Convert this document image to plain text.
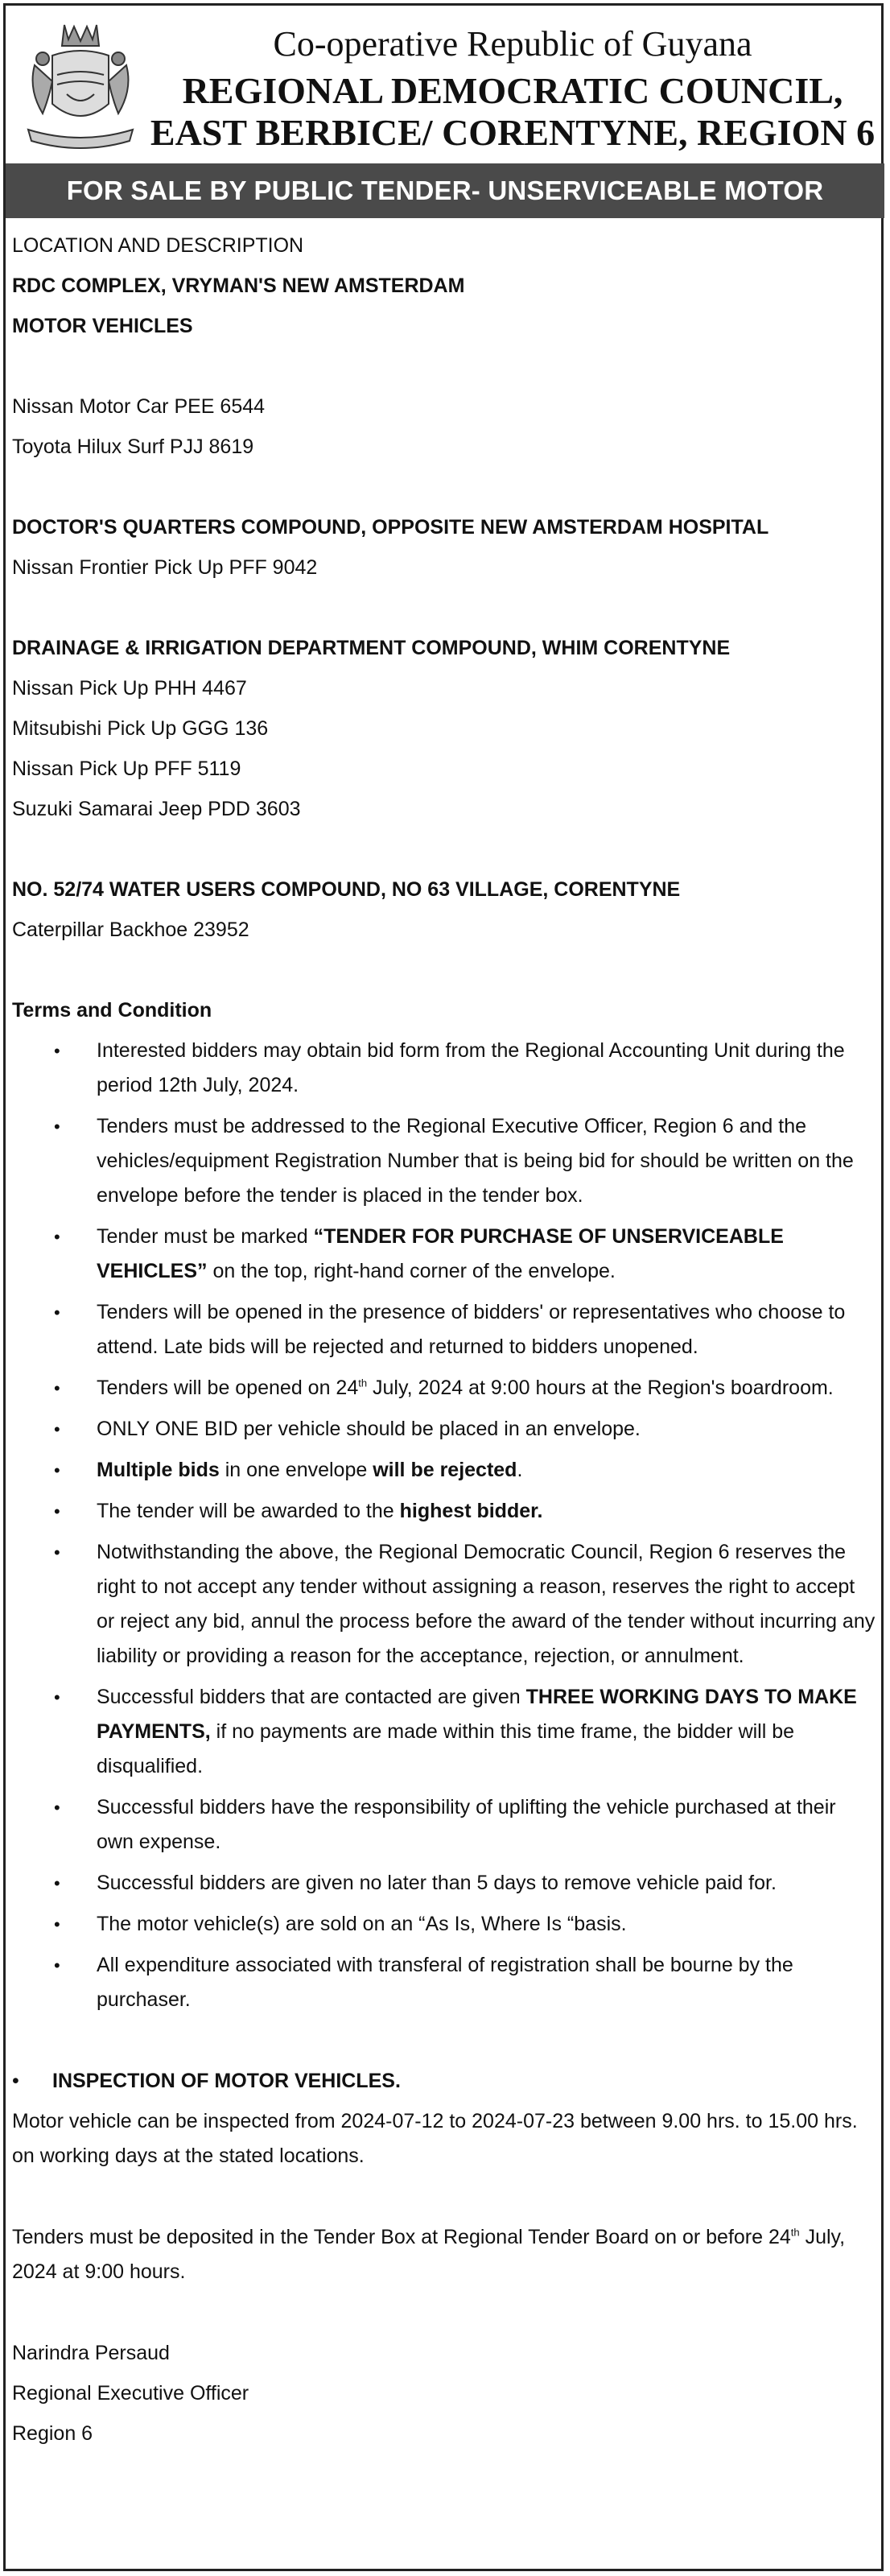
Co-operative Republic of Guyana
REGIONAL DEMOCRATIC COUNCIL,
EAST BERBICE/ CORENTYNE, REGION 6
FOR SALE BY PUBLIC TENDER- UNSERVICEABLE MOTOR VEHICLES

LOCATION AND DESCRIPTION

RDC COMPLEX, VRYMAN'S NEW AMSTERDAM

MOTOR VEHICLES

Nissan Motor Car PEE 6544

Toyota Hilux Surf PJJ 8619

DOCTOR'S QUARTERS COMPOUND, OPPOSITE NEW AMSTERDAM HOSPITAL

Nissan Frontier Pick Up PFF 9042

DRAINAGE & IRRIGATION DEPARTMENT COMPOUND, WHIM CORENTYNE

Nissan Pick Up PHH 4467

Mitsubishi Pick Up GGG 136

Nissan Pick Up PFF 5119

Suzuki Samarai Jeep PDD 3603

NO. 52/74 WATER USERS COMPOUND, NO 63 VILLAGE, CORENTYNE

Caterpillar Backhoe 23952

Terms and Condition

• Interested bidders may obtain bid form from the Regional Accounting Unit during the period 12th July, 2024.
• Tenders must be addressed to the Regional Executive Officer, Region 6 and the vehicles/equipment Registration Number that is being bid for should be written on the envelope before the tender is placed in the tender box.
• Tender must be marked “TENDER FOR PURCHASE OF UNSERVICEABLE VEHICLES” on the top, right-hand corner of the envelope.
• Tenders will be opened in the presence of bidders' or representatives who choose to attend. Late bids will be rejected and returned to bidders unopened.
• Tenders will be opened on 24th July, 2024 at 9:00 hours at the Region's boardroom.
• ONLY ONE BID per vehicle should be placed in an envelope.
• Multiple bids in one envelope will be rejected.
• The tender will be awarded to the highest bidder.
• Notwithstanding the above, the Regional Democratic Council, Region 6 reserves the right to not accept any tender without assigning a reason, reserves the right to accept or reject any bid, annul the process before the award of the tender without incurring any liability or providing a reason for the acceptance, rejection, or annulment.
• Successful bidders that are contacted are given THREE WORKING DAYS TO MAKE PAYMENTS, if no payments are made within this time frame, the bidder will be disqualified.
• Successful bidders have the responsibility of uplifting the vehicle purchased at their own expense.
• Successful bidders are given no later than 5 days to remove vehicle paid for.
• The motor vehicle(s) are sold on an “As Is, Where Is “basis.
• All expenditure associated with transferal of registration shall be bourne by the purchaser.

• INSPECTION OF MOTOR VEHICLES.

Motor vehicle can be inspected from 2024-07-12 to 2024-07-23 between 9.00 hrs. to 15.00 hrs. on working days at the stated locations.

Tenders must be deposited in the Tender Box at Regional Tender Board on or before 24th July, 2024 at 9:00 hours.

Narindra Persaud

Regional Executive Officer

Region 6
